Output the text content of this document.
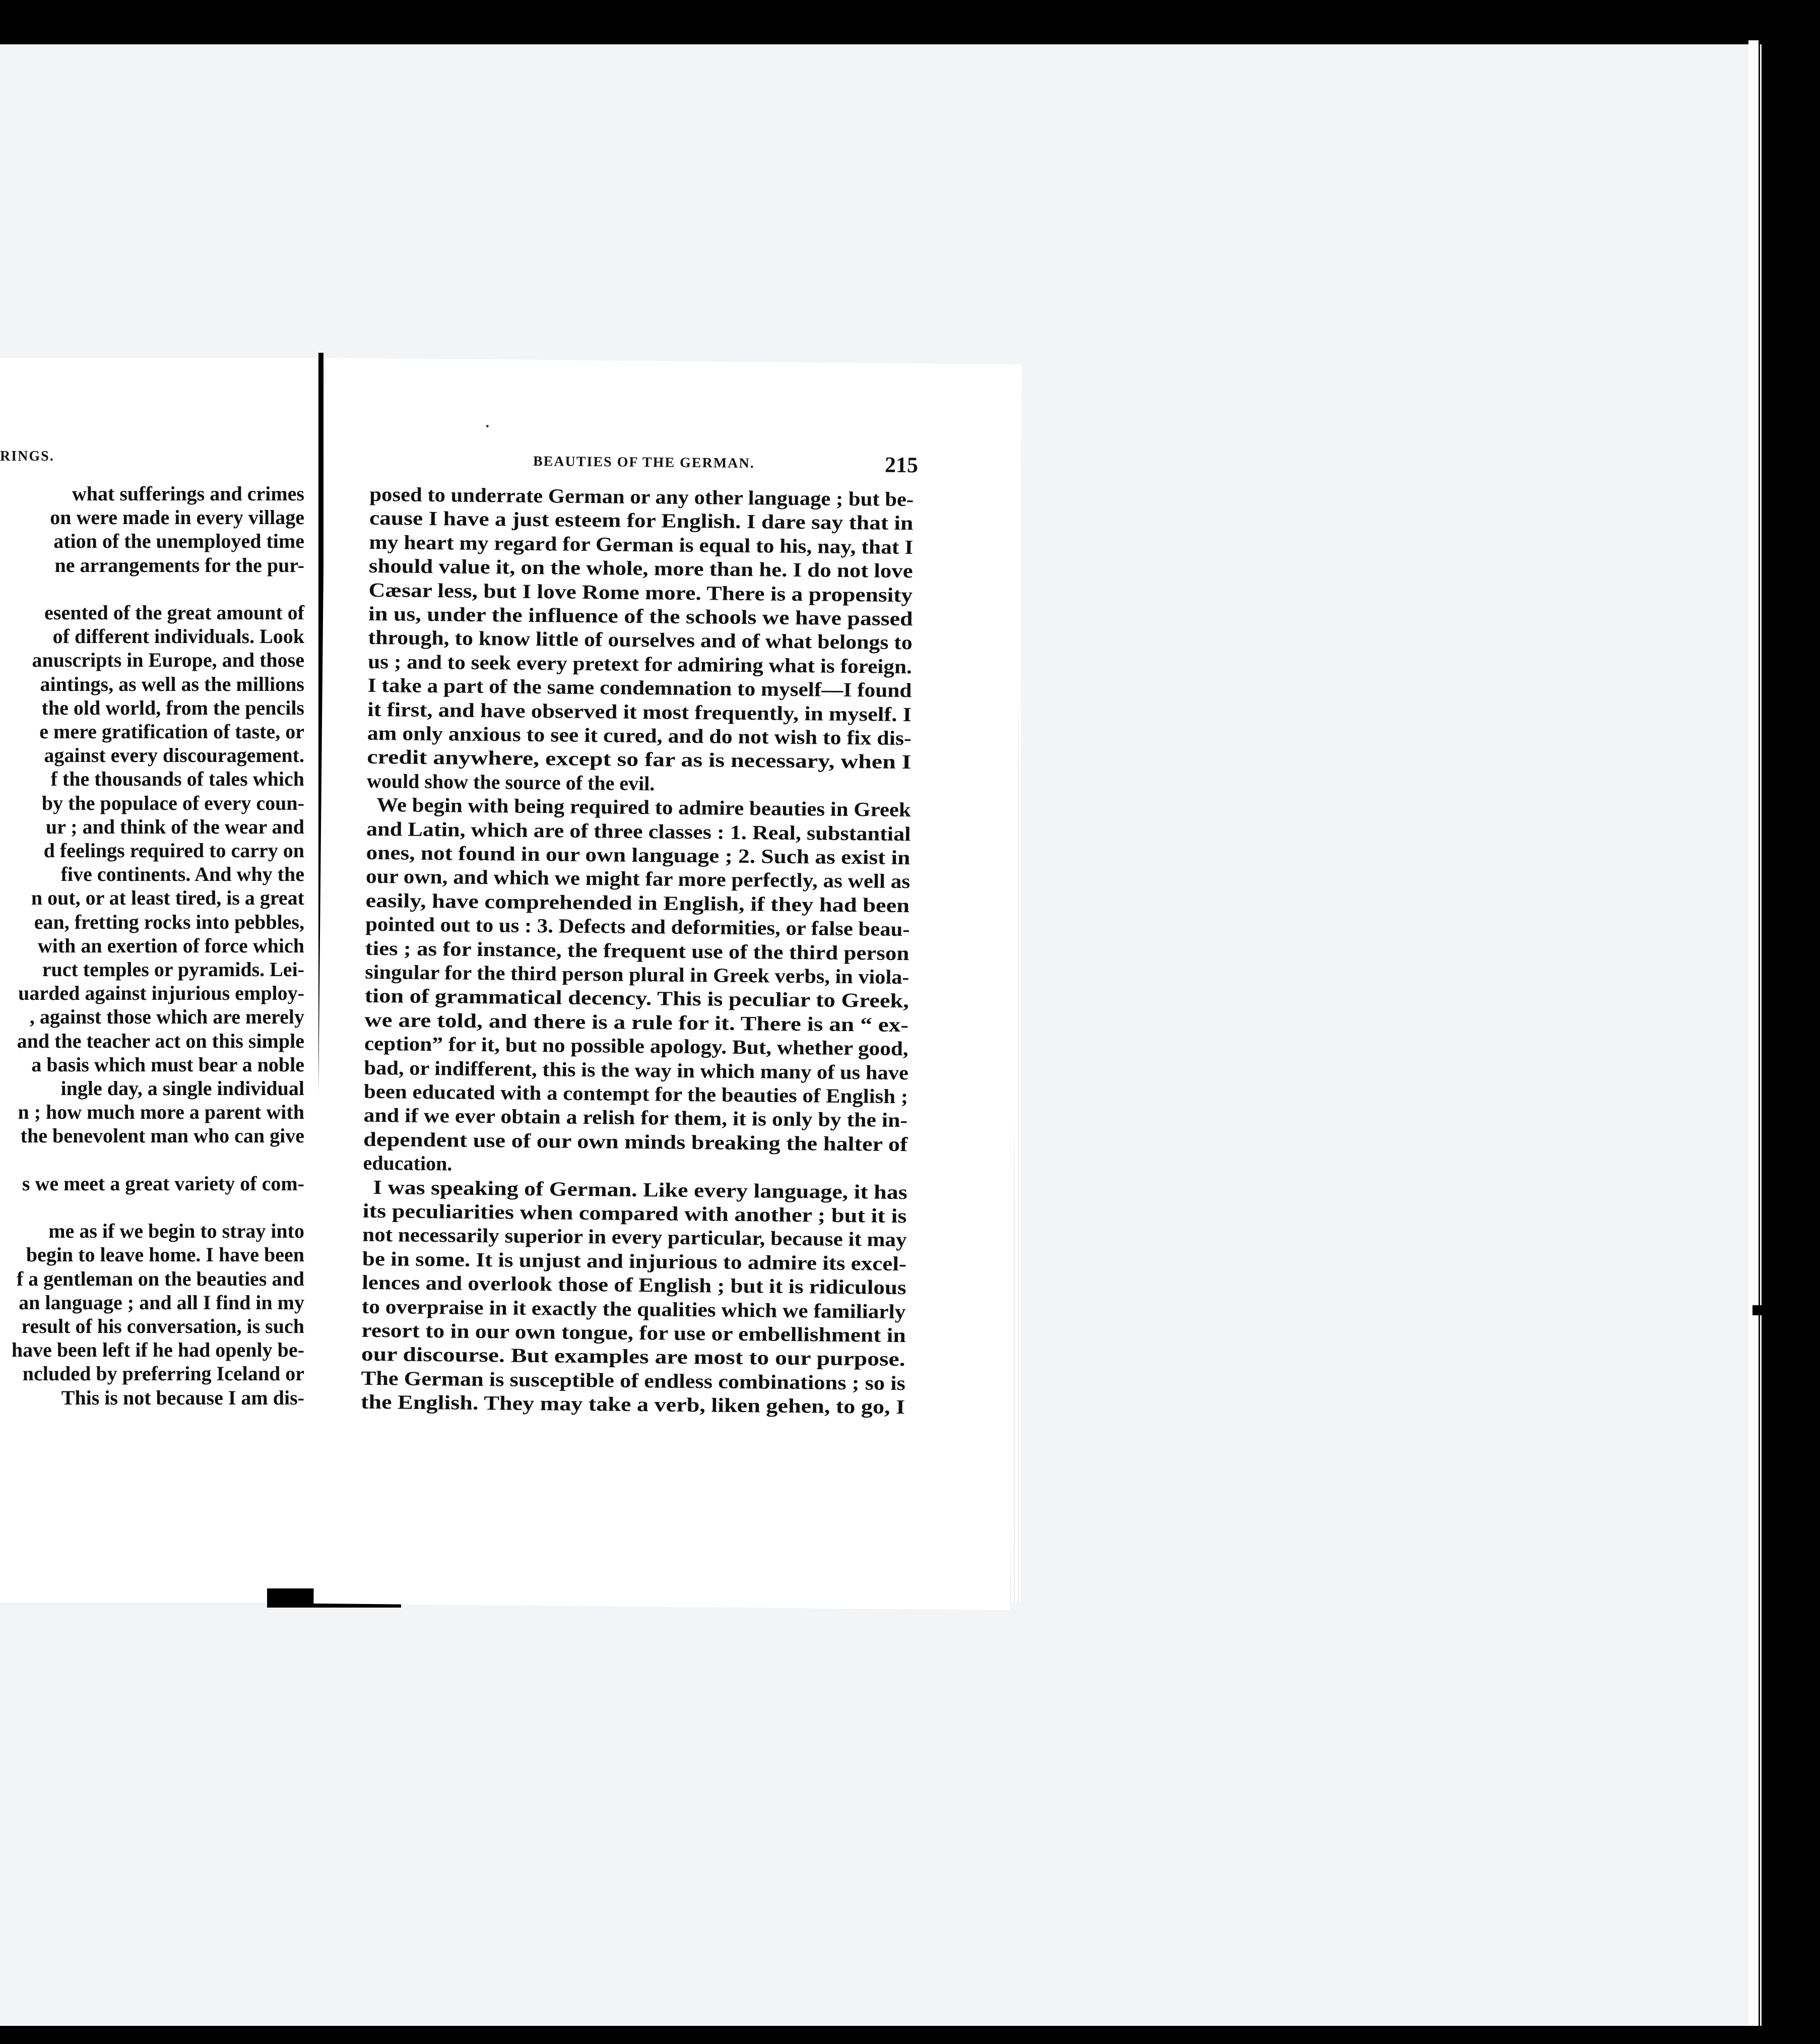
RINGS.
what sufferings and crimes
on were made in every village
ation of the unemployed time
ne arrangements for the pur-
esented of the great amount of
of different individuals. Look
anuscripts in Europe, and those
aintings, as well as the millions
the old world, from the pencils
e mere gratification of taste, or
against every discouragement.
f the thousands of tales which
by the populace of every coun-
ur ; and think of the wear and
d feelings required to carry on
five continents. And why the
n out, or at least tired, is a great
ean, fretting rocks into pebbles,
with an exertion of force which
ruct temples or pyramids. Lei-
uarded against injurious employ-
, against those which are merely
and the teacher act on this simple
a basis which must bear a noble
ingle day, a single individual
n ; how much more a parent with
the benevolent man who can give
s we meet a great variety of com-
me as if we begin to stray into
begin to leave home. I have been
f a gentleman on the beauties and
an language ; and all I find in my
result of his conversation, is such
have been left if he had openly be-
ncluded by preferring Iceland or
This is not because I am dis-
BEAUTIES OF THE GERMAN.	215
posed to underrate German or any other language ; but be-
cause I have a just esteem for English. I dare say that in
my heart my regard for German is equal to his, nay, that I
should value it, on the whole, more than he. I do not love
Cæsar less, but I love Rome more. There is a propensity
in us, under the influence of the schools we have passed
through, to know little of ourselves and of what belongs to
us ; and to seek every pretext for admiring what is foreign.
I take a part of the same condemnation to myself—I found
it first, and have observed it most frequently, in myself. I
am only anxious to see it cured, and do not wish to fix dis-
credit anywhere, except so far as is necessary, when I
would show the source of the evil.
We begin with being required to admire beauties in Greek
and Latin, which are of three classes : 1. Real, substantial
ones, not found in our own language ; 2. Such as exist in
our own, and which we might far more perfectly, as well as
easily, have comprehended in English, if they had been
pointed out to us : 3. Defects and deformities, or false beau-
ties ; as for instance, the frequent use of the third person
singular for the third person plural in Greek verbs, in viola-
tion of grammatical decency. This is peculiar to Greek,
we are told, and there is a rule for it. There is an “ ex-
ception” for it, but no possible apology. But, whether good,
bad, or indifferent, this is the way in which many of us have
been educated with a contempt for the beauties of English ;
and if we ever obtain a relish for them, it is only by the in-
dependent use of our own minds breaking the halter of
education.
I was speaking of German. Like every language, it has
its peculiarities when compared with another ; but it is
not necessarily superior in every particular, because it may
be in some. It is unjust and injurious to admire its excel-
lences and overlook those of English ; but it is ridiculous
to overpraise in it exactly the qualities which we familiarly
resort to in our own tongue, for use or embellishment in
our discourse. But examples are most to our purpose.
The German is susceptible of endless combinations ; so is
the English. They may take a verb, liken gehen, to go, I
